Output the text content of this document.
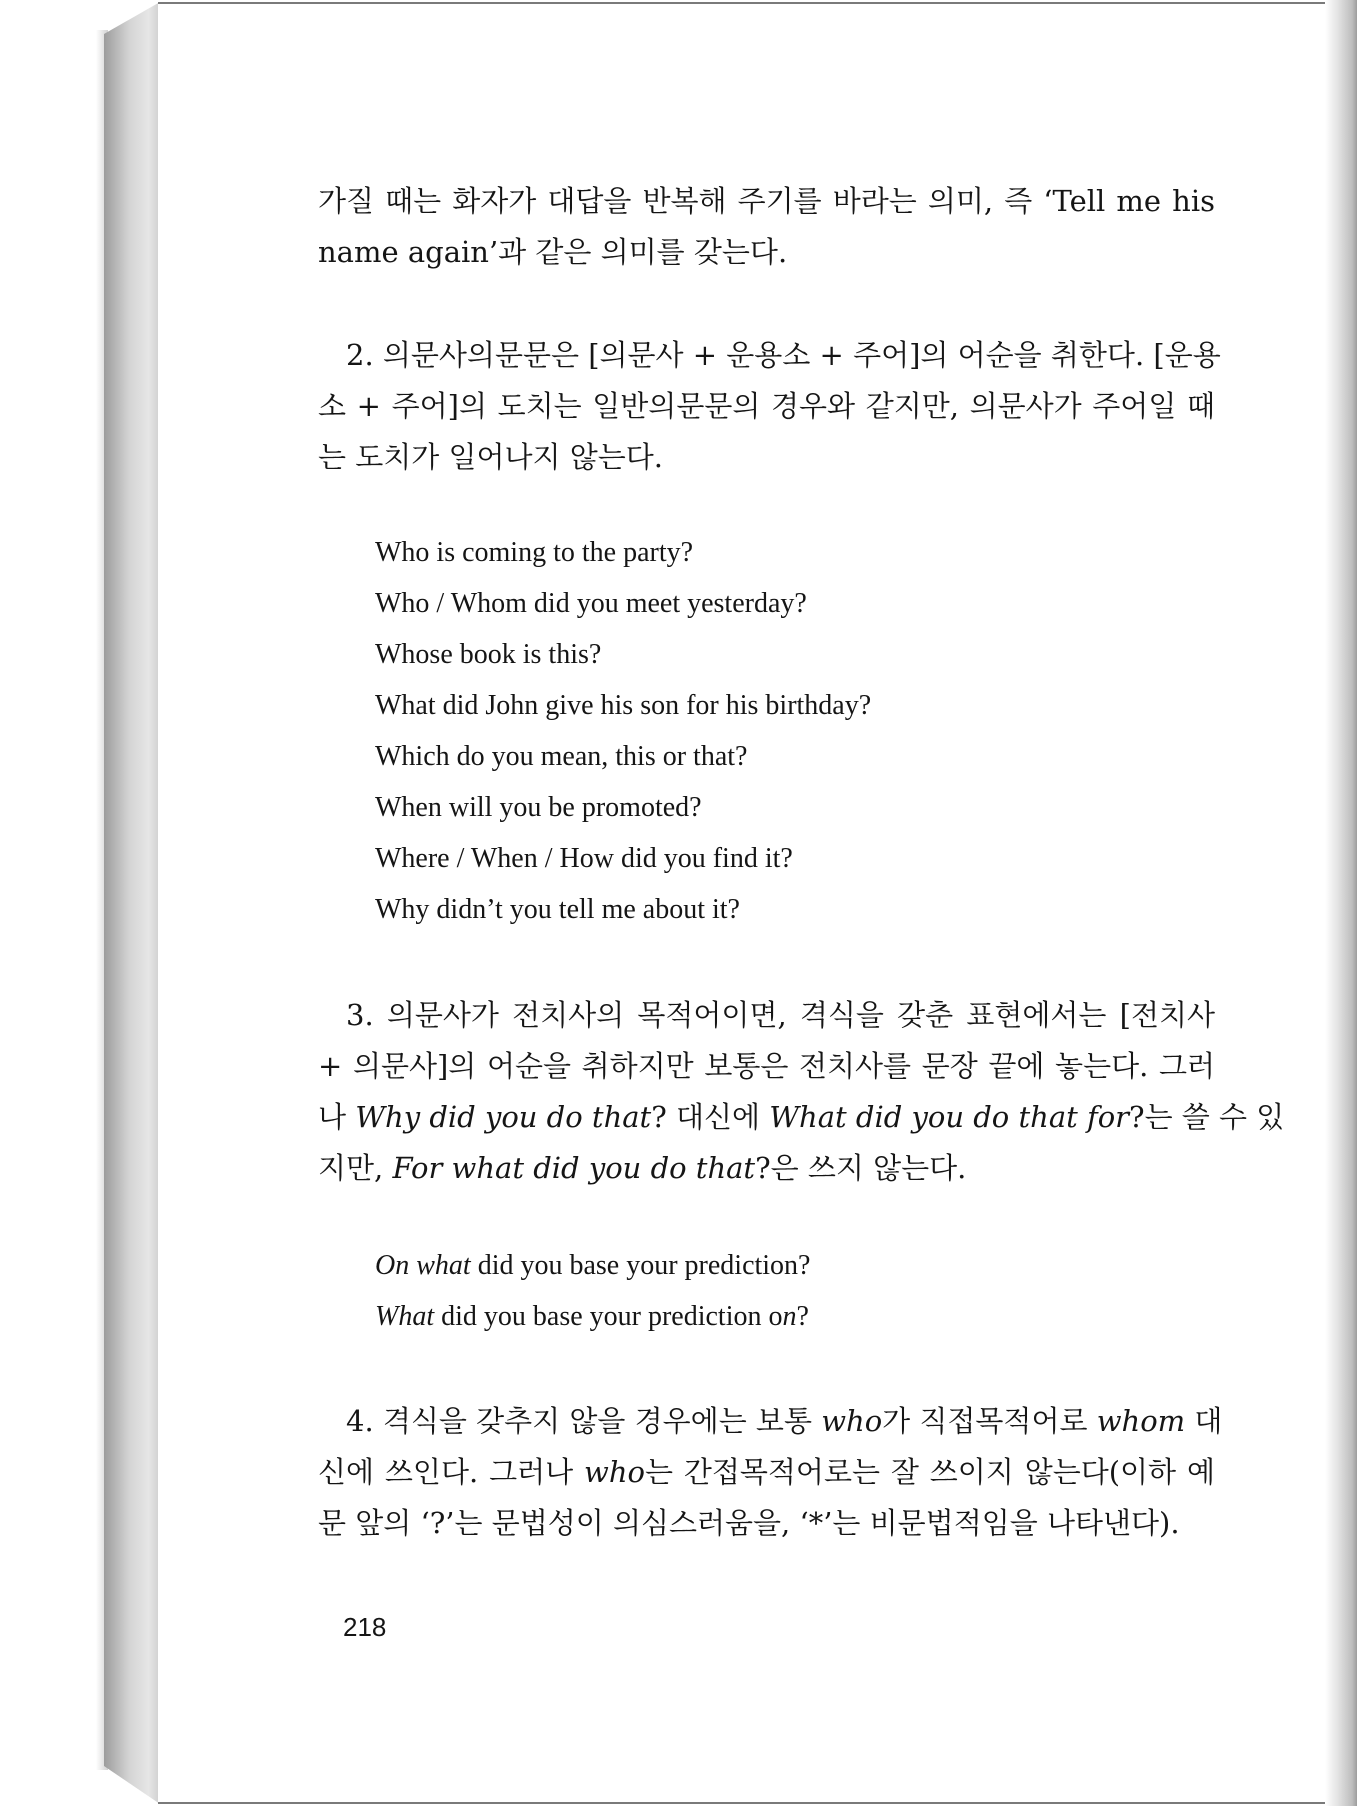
가질 때는 화자가 대답을 반복해 주기를 바라는 의미, 즉 ‘Tell me his
name again’과 같은 의미를 갖는다.

2. 의문사의문문은 [의문사 + 운용소 + 주어]의 어순을 취한다. [운용
소 + 주어]의 도치는 일반의문문의 경우와 같지만, 의문사가 주어일 때
는 도치가 일어나지 않는다.

Who is coming to the party?
Who / Whom did you meet yesterday?
Whose book is this?
What did John give his son for his birthday?
Which do you mean, this or that?
When will you be promoted?
Where / When / How did you find it?
Why didn’t you tell me about it?

3. 의문사가 전치사의 목적어이면, 격식을 갖춘 표현에서는 [전치사
+ 의문사]의 어순을 취하지만 보통은 전치사를 문장 끝에 놓는다. 그러
나 Why did you do that? 대신에 What did you do that for?는 쓸 수 있
지만, For what did you do that?은 쓰지 않는다.

On what did you base your prediction?
What did you base your prediction on?

4. 격식을 갖추지 않을 경우에는 보통 who가 직접목적어로 whom 대
신에 쓰인다. 그러나 who는 간접목적어로는 잘 쓰이지 않는다(이하 예
문 앞의 ‘?’는 문법성이 의심스러움을, ‘*’는 비문법적임을 나타낸다).

218
